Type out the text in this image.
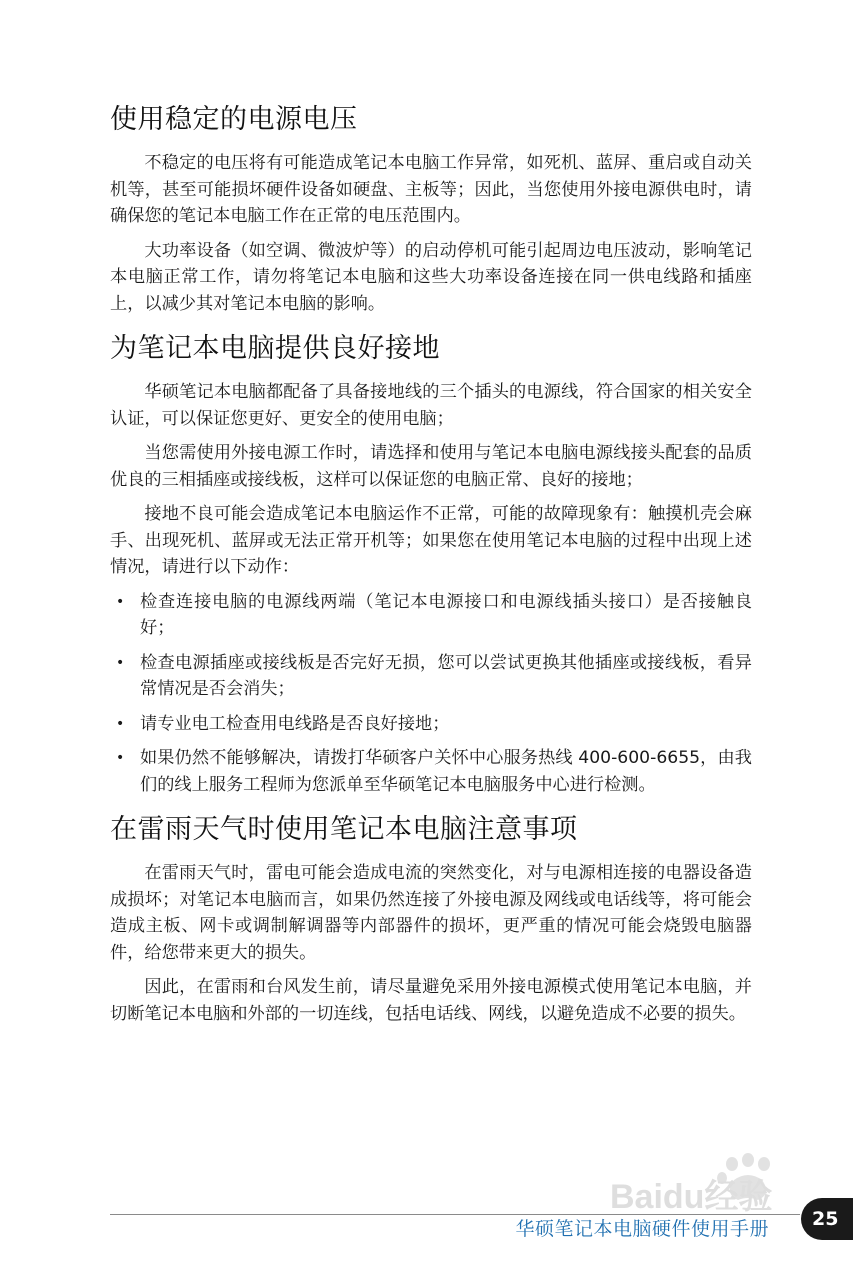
使用稳定的电源电压

不稳定的电压将有可能造成笔记本电脑工作异常，如死机、蓝屏、重启或自动关机等，甚至可能损坏硬件设备如硬盘、主板等；因此，当您使用外接电源供电时，请确保您的笔记本电脑工作在正常的电压范围内。

大功率设备（如空调、微波炉等）的启动停机可能引起周边电压波动，影响笔记本电脑正常工作，请勿将笔记本电脑和这些大功率设备连接在同一供电线路和插座上，以减少其对笔记本电脑的影响。

为笔记本电脑提供良好接地

华硕笔记本电脑都配备了具备接地线的三个插头的电源线，符合国家的相关安全认证，可以保证您更好、更安全的使用电脑；

当您需使用外接电源工作时，请选择和使用与笔记本电脑电源线接头配套的品质优良的三相插座或接线板，这样可以保证您的电脑正常、良好的接地；

接地不良可能会造成笔记本电脑运作不正常，可能的故障现象有：触摸机壳会麻手、出现死机、蓝屏或无法正常开机等；如果您在使用笔记本电脑的过程中出现上述情况，请进行以下动作：

• 检查连接电脑的电源线两端（笔记本电源接口和电源线插头接口）是否接触良好；
• 检查电源插座或接线板是否完好无损，您可以尝试更换其他插座或接线板，看异常情况是否会消失；
• 请专业电工检查用电线路是否良好接地；
• 如果仍然不能够解决，请拨打华硕客户关怀中心服务热线 400-600-6655，由我们的线上服务工程师为您派单至华硕笔记本电脑服务中心进行检测。
在雷雨天气时使用笔记本电脑注意事项

在雷雨天气时，雷电可能会造成电流的突然变化，对与电源相连接的电器设备造成损坏；对笔记本电脑而言，如果仍然连接了外接电源及网线或电话线等，将可能会造成主板、网卡或调制解调器等内部器件的损坏，更严重的情况可能会烧毁电脑器件，给您带来更大的损失。

因此，在雷雨和台风发生前，请尽量避免采用外接电源模式使用笔记本电脑，并切断笔记本电脑和外部的一切连线，包括电话线、网线，以避免造成不必要的损失。

Baidu经验
华硕笔记本电脑硬件使用手册	25
